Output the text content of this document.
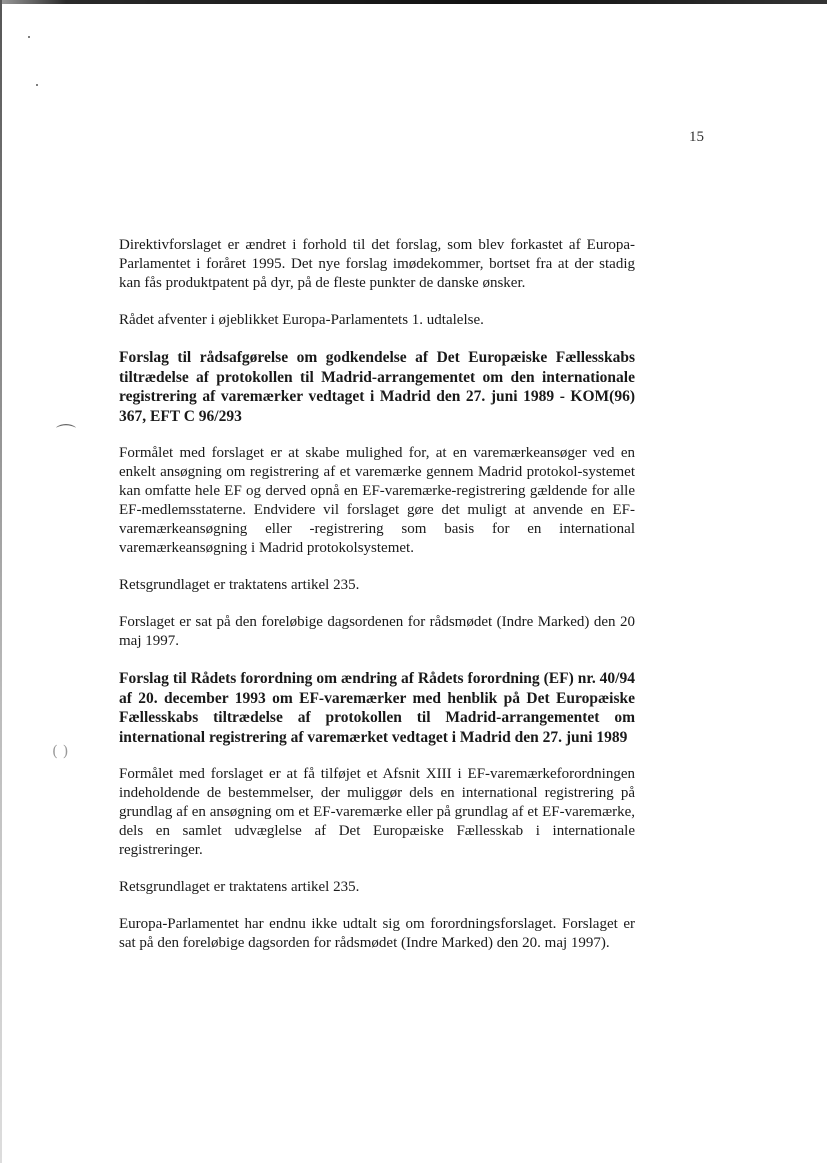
⌒
( )
15

Direktivforslaget er ændret i forhold til det forslag, som blev forkastet af Europa-Parlamentet i foråret 1995. Det nye forslag imødekommer, bortset fra at der stadig kan fås produktpatent på dyr, på de fleste punkter de danske ønsker.

Rådet afventer i øjeblikket Europa-Parlamentets 1. udtalelse.

Forslag til rådsafgørelse om godkendelse af Det Europæiske Fællesskabs tiltrædelse af protokollen til Madrid-arrangementet om den internationale registrering af varemærker vedtaget i Madrid den 27. juni 1989 - KOM(96) 367, EFT C 96/293

Formålet med forslaget er at skabe mulighed for, at en varemærkeansøger ved en enkelt ansøgning om registrering af et varemærke gennem Madrid protokol-systemet kan omfatte hele EF og derved opnå en EF-varemærke-registrering gældende for alle EF-medlemsstaterne. Endvidere vil forslaget gøre det muligt at anvende en EF-varemærkeansøgning eller -registrering som basis for en international varemærkeansøgning i Madrid protokolsystemet.

Retsgrundlaget er traktatens artikel 235.

Forslaget er sat på den foreløbige dagsordenen for rådsmødet (Indre Marked) den 20 maj 1997.

Forslag til Rådets forordning om ændring af Rådets forordning (EF) nr. 40/94 af 20. december 1993 om EF-varemærker med henblik på Det Europæiske Fællesskabs tiltrædelse af protokollen til Madrid-arrangementet om international registrering af varemærket vedtaget i Madrid den 27. juni 1989

Formålet med forslaget er at få tilføjet et Afsnit XIII i EF-varemærkeforordningen indeholdende de bestemmelser, der muliggør dels en international registrering på grundlag af en ansøgning om et EF-varemærke eller på grundlag af et EF-varemærke, dels en samlet udvæglelse af Det Europæiske Fællesskab i internationale registreringer.

Retsgrundlaget er traktatens artikel 235.

Europa-Parlamentet har endnu ikke udtalt sig om forordningsforslaget. Forslaget er sat på den foreløbige dagsorden for rådsmødet (Indre Marked) den 20. maj 1997).
